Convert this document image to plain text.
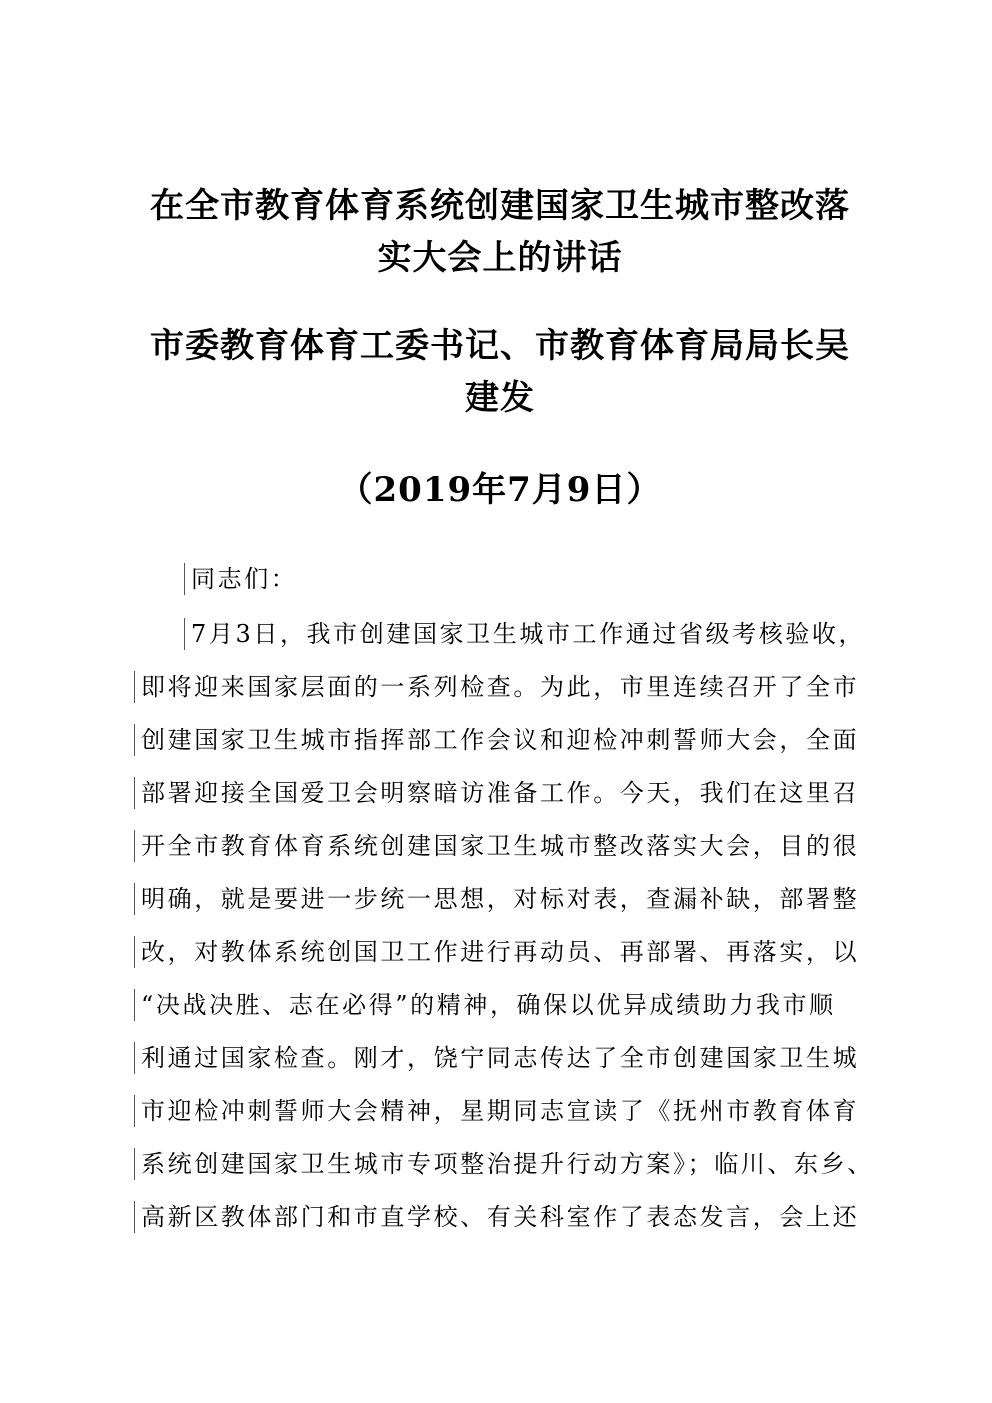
在全市教育体育系统创建国家卫生城市整改落
实大会上的讲话
市委教育体育工委书记、市教育体育局局长吴
建发
（2019年7月9日）
同志们：
7月3日，我市创建国家卫生城市工作通过省级考核验收，
即将迎来国家层面的一系列检查。为此，市里连续召开了全市
创建国家卫生城市指挥部工作会议和迎检冲刺誓师大会，全面
部署迎接全国爱卫会明察暗访准备工作。今天，我们在这里召
开全市教育体育系统创建国家卫生城市整改落实大会，目的很
明确，就是要进一步统一思想，对标对表，查漏补缺，部署整
改，对教体系统创国卫工作进行再动员、再部署、再落实，以
“决战决胜、志在必得”的精神，确保以优异成绩助力我市顺
利通过国家检查。刚才，饶宁同志传达了全市创建国家卫生城
市迎检冲刺誓师大会精神，星期同志宣读了《抚州市教育体育
系统创建国家卫生城市专项整治提升行动方案》；临川、东乡、
高新区教体部门和市直学校、有关科室作了表态发言，会上还
